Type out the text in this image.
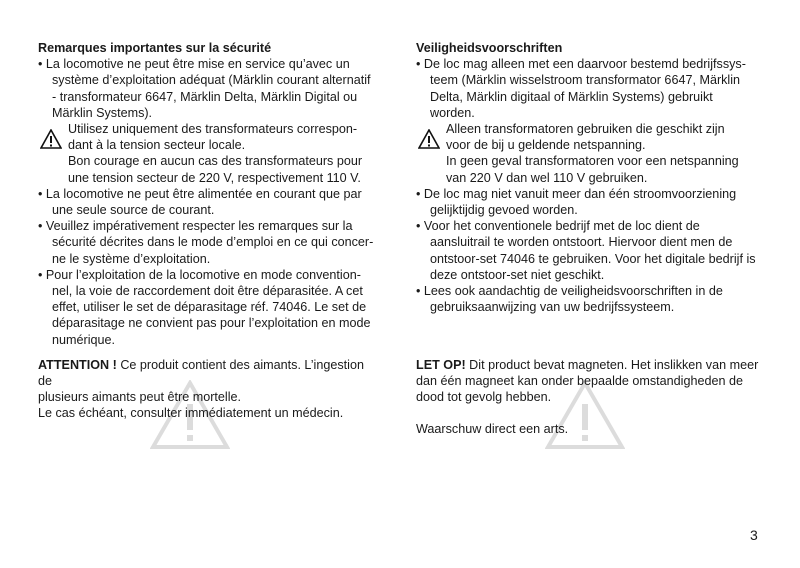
Remarques importantes sur la sécurité

• La locomotive ne peut être mise en service qu’avec un
système d’exploitation adéquat (Märklin courant alternatif
- transformateur 6647, Märklin Delta, Märklin Digital ou
Märklin Systems).
Utilisez uniquement des transformateurs correspon-
dant à la tension secteur locale.
Bon courage en aucun cas des transformateurs pour
une tension secteur de 220 V, respectivement 110 V.
• La locomotive ne peut être alimentée en courant que par
une seule source de courant.
• Veuillez impérativement respecter les remarques sur la
sécurité décrites dans le mode d’emploi en ce qui concer-
ne le système d’exploitation.
• Pour l’exploitation de la locomotive en mode convention-
nel, la voie de raccordement doit être déparasitée. A cet
effet, utiliser le set de déparasitage réf. 74046. Le set de
déparasitage ne convient pas pour l’exploitation en mode
numérique.

Veiligheidsvoorschriften

• De loc mag alleen met een daarvoor bestemd bedrijfssys-
teem (Märklin wisselstroom transformator 6647, Märklin
Delta, Märklin digitaal of Märklin Systems) gebruikt
worden.
Alleen transformatoren gebruiken die geschikt zijn
voor de bij u geldende netspanning.
In geen geval transformatoren voor een netspanning
van 220 V dan wel 110 V gebruiken.
• De loc mag niet vanuit meer dan één stroomvoorziening
gelijktijdig gevoed worden.
• Voor het conventionele bedrijf met de loc dient de
aansluitrail te worden ontstoort. Hiervoor dient men de
ontstoor-set 74046 te gebruiken. Voor het digitale bedrijf is
deze ontstoor-set niet geschikt.
• Lees ook aandachtig de veiligheidsvoorschriften in de
gebruiksaanwijzing van uw bedrijfssysteem.
ATTENTION ! Ce produit contient des aimants. L’ingestion de
plusieurs aimants peut être mortelle.
Le cas échéant, consulter immédiatement un médecin.
LET OP! Dit product bevat magneten. Het inslikken van meer
dan één magneet kan onder bepaalde omstandigheden de
dood tot gevolg hebben.
Waarschuw direct een arts.
3
